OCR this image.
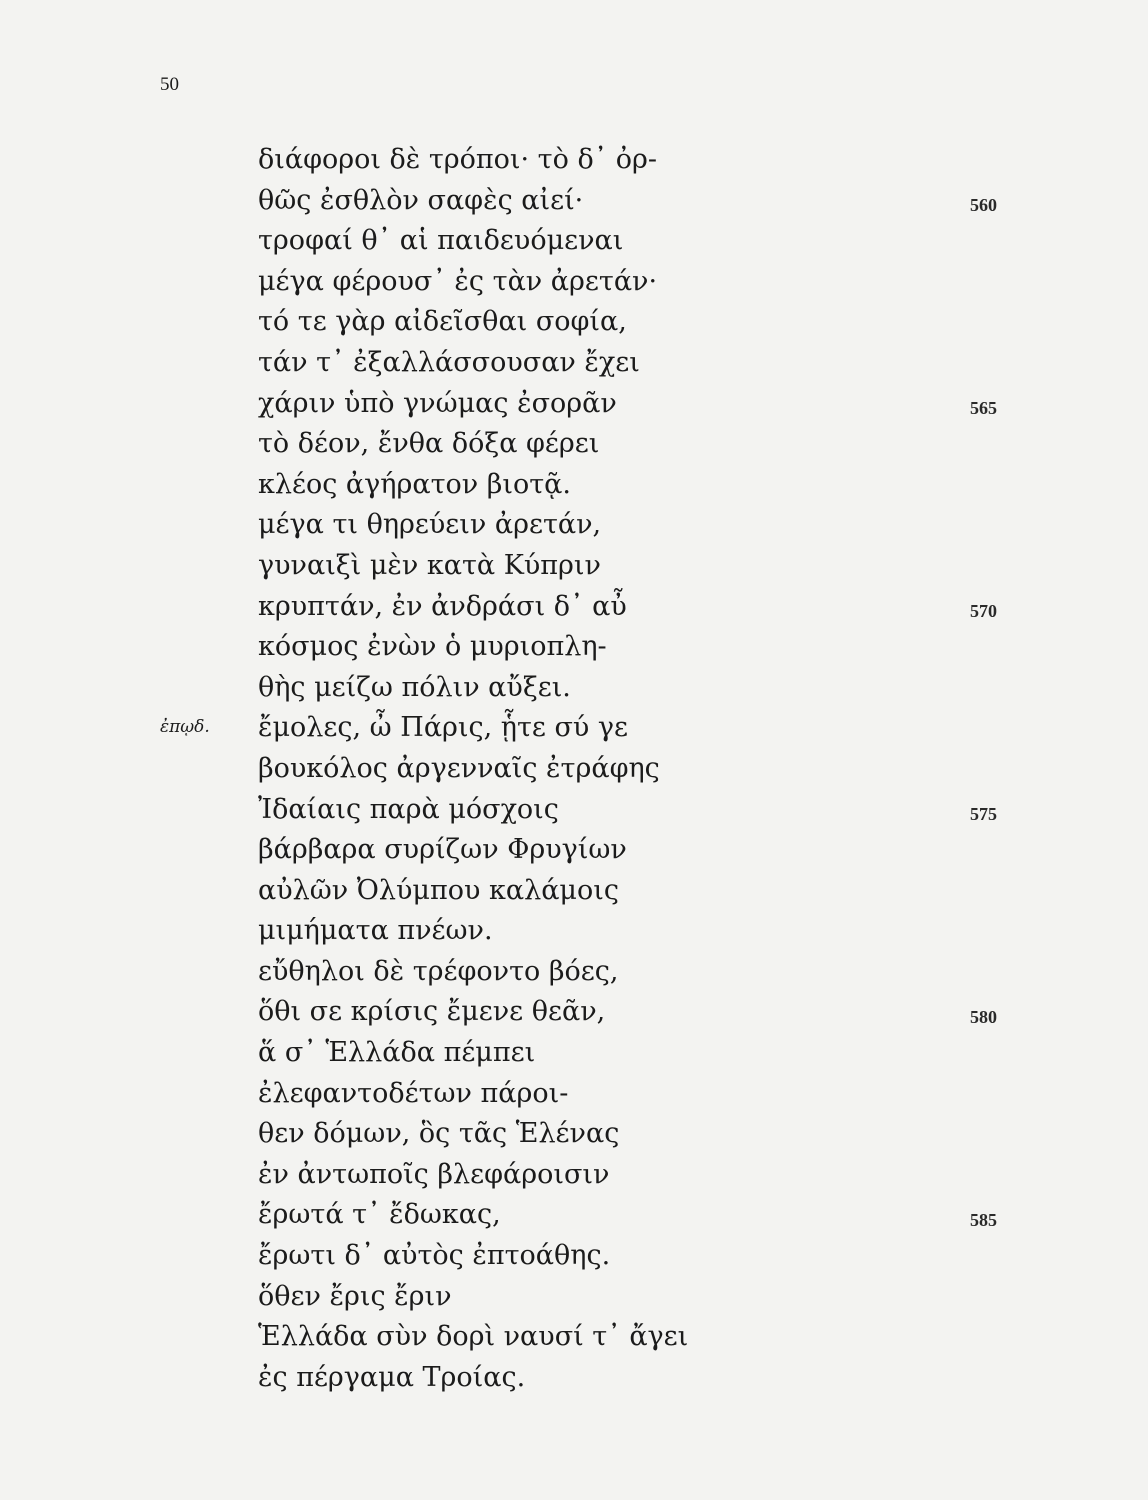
50
διάφοροι δὲ τρόποι· τὸ δ᾽ ὀρ-
θῶς ἐσθλὸν σαφὲς αἰεί·
τροφαί θ᾽ αἱ παιδευόμεναι
μέγα φέρουσ᾽ ἐς τὰν ἀρετάν·
τό τε γὰρ αἰδεῖσθαι σοφία,
τάν τ᾽ ἐξαλλάσσουσαν ἔχει
χάριν ὑπὸ γνώμας ἐσορᾶν
τὸ δέον, ἔνθα δόξα φέρει
κλέος ἀγήρατον βιοτᾷ.
μέγα τι θηρεύειν ἀρετάν,
γυναιξὶ μὲν κατὰ Κύπριν
κρυπτάν, ἐν ἀνδράσι δ᾽ αὖ
κόσμος ἐνὼν ὁ μυριοπλη-
θὴς μείζω πόλιν αὔξει.
ἔμολες, ὦ Πάρις, ᾗτε σύ γε
βουκόλος ἀργενναῖς ἐτράφης
Ἰδαίαις παρὰ μόσχοις
βάρβαρα συρίζων Φρυγίων
αὐλῶν Ὀλύμπου καλάμοις
μιμήματα πνέων.
εὔθηλοι δὲ τρέφοντο βόες,
ὅθι σε κρίσις ἔμενε θεᾶν,
ἅ σ᾽ Ἑλλάδα πέμπει
ἐλεφαντοδέτων πάροι-
θεν δόμων, ὃς τᾶς Ἑλένας
ἐν ἀντωποῖς βλεφάροισιν
ἔρωτά τ᾽ ἔδωκας,
ἔρωτι δ᾽ αὐτὸς ἐπτοάθης.
ὅθεν ἔρις ἔριν
Ἑλλάδα σὺν δορὶ ναυσί τ᾽ ἄγει
ἐς πέργαμα Τροίας.
560
565
570
575
580
585
ἐπῳδ.
